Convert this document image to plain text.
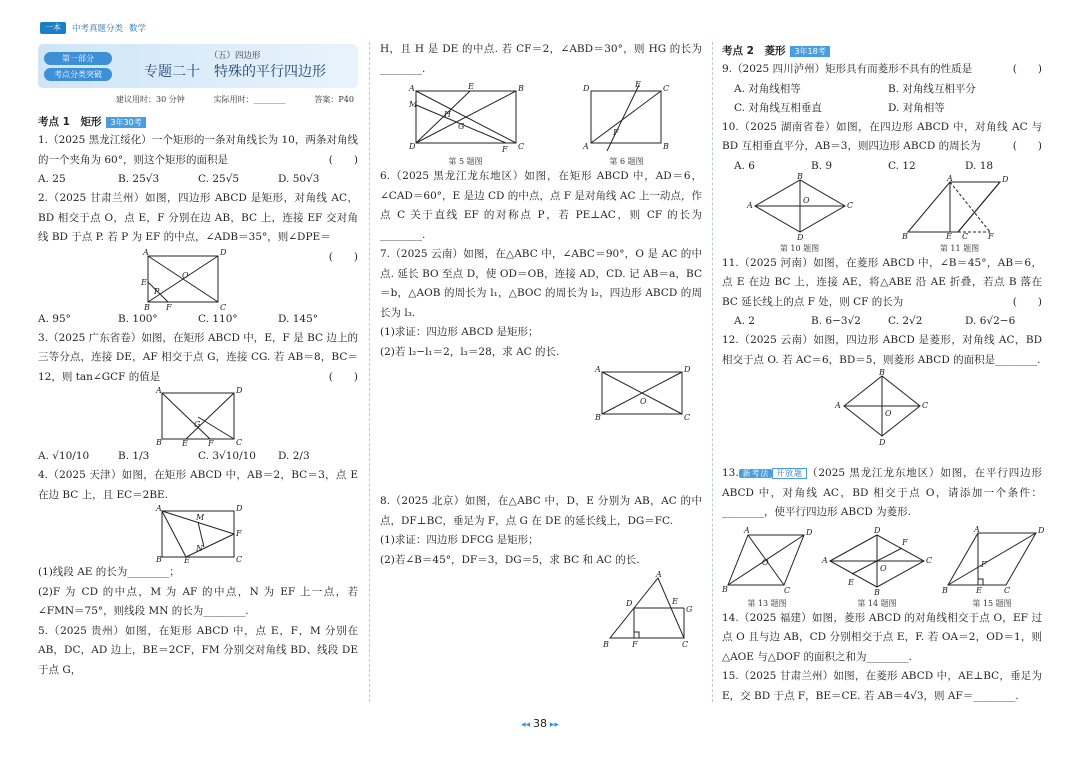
一本	中考真题分类 数学
第一部分
考点分类突破
（五）四边形
专题二十　特殊的平行四边形
建议用时：30 分钟	实际用时：________	答案：P40
考点 1　矩形	3年30考

1.（2025 黑龙江绥化）一个矩形的一条对角线长为 10，两条对角线的一个夹角为 60°，则这个矩形的面积是	(　　)

A. 25	B. 25√3	C. 25√5	D. 50√3

2.（2025 甘肃兰州）如图，四边形 ABCD 是矩形，对角线 AC，BD 相交于点 O，点 E，F 分别在边 AB，BC 上，连接 EF 交对角线 BD 于点 P. 若 P 为 EF 的中点，∠ADB＝35°，则∠DPE＝
(　　)

A	D
E
B F	C
O
P
A. 95°	B. 100°	C. 110°	D. 145°

3.（2025 广东省卷）如图，在矩形 ABCD 中，E，F 是 BC 边上的三等分点，连接 DE，AF 相交于点 G，连接 CG. 若 AB＝8，BC＝12，则 tan∠GCF 的值是	(　　)

A	D
B	E	F	C
G
A. √10/10	B. 1/3	C. 3√10/10	D. 2/3

4.（2025 天津）如图，在矩形 ABCD 中，AB＝2，BC＝3，点 E 在边 BC 上，且 EC＝2BE.

A	D
B	E	C
F
M
N

(1)线段 AE 的长为________；

(2)F 为 CD 的中点，M 为 AF 的中点，N 为 EF 上一点，若∠FMN＝75°，则线段 MN 的长为________.

5.（2025 贵州）如图，在矩形 ABCD 中，点 E，F，M 分别在 AB，DC，AD 边上，BE＝2CF，FM 分别交对角线 BD、线段 DE 于点 G，

H，且 H 是 DE 的中点. 若 CF＝2，∠ABD＝30°，则 HG 的长为________.

A	B
M
D	C
E
F
H
G
第 5 题图
D	C
A	B
F
E
第 6 题图

6.（2025 黑龙江龙东地区）如图，在矩形 ABCD 中，AD＝6，∠CAD＝60°，E 是边 CD 的中点，点 F 是对角线 AC 上一动点，作点 C 关于直线 EF 的对称点 P，若 PE⊥AC，则 CF 的长为________.

7.（2025 云南）如图，在△ABC 中，∠ABC＝90°，O 是 AC 的中点. 延长 BO 至点 D，使 OD＝OB，连接 AD，CD. 记 AB＝a，BC＝b，△AOB 的周长为 l₁，△BOC 的周长为 l₂，四边形 ABCD 的周长为 l₃.

(1)求证：四边形 ABCD 是矩形；

(2)若 l₂−l₁＝2，l₃＝28，求 AC 的长.

A	D
B	C
O

8.（2025 北京）如图，在△ABC 中，D，E 分别为 AB，AC 的中点，DF⊥BC，垂足为 F，点 G 在 DE 的延长线上，DG＝FC.

(1)求证：四边形 DFCG 是矩形；

(2)若∠B＝45°，DF＝3，DG＝5，求 BC 和 AC 的长.

A
D	E
G
B	F	C
考点 2　菱形	3年18考

9.（2025 四川泸州）矩形具有而菱形不具有的性质是	(　　)

A. 对角线相等	B. 对角线互相平分
C. 对角线互相垂直	D. 对角相等

10.（2025 湖南省卷）如图，在四边形 ABCD 中，对角线 AC 与 BD 互相垂直平分，AB＝3，则四边形 ABCD 的周长为	(　　)

A. 6	B. 9	C. 12	D. 18
A
B
C
D
O
第 10 题图
B	E C F
A	D
第 11 题图

11.（2025 河南）如图，在菱形 ABCD 中，∠B＝45°，AB＝6，点 E 在边 BC 上，连接 AE，将△ABE 沿 AE 折叠，若点 B 落在 BC 延长线上的点 F 处，则 CF 的长为	(　　)

A. 2	B. 6−3√2	C. 2√2	D. 6√2−6

12.（2025 云南）如图，四边形 ABCD 是菱形，对角线 AC，BD 相交于点 O. 若 AC＝6，BD＝5，则菱形 ABCD 的面积是________.

A
B
C
D
O

13. 新考法 开放题 （2025 黑龙江龙东地区）如图，在平行四边形 ABCD 中，对角线 AC，BD 相交于点 O，请添加一个条件：________，使平行四边形 ABCD 为菱形.

B
A	D
C
O
第 13 题图
A
D
C
B
E
F
O
第 14 题图
B	E	C
A	D
F
第 15 题图

14.（2025 福建）如图，菱形 ABCD 的对角线相交于点 O，EF 过点 O 且与边 AB，CD 分别相交于点 E，F. 若 OA＝2，OD＝1，则△AOE 与△DOF 的面积之和为________.

15.（2025 甘肃兰州）如图，在菱形 ABCD 中，AE⊥BC，垂足为 E，交 BD 于点 F，BE＝CE. 若 AB＝4√3，则 AF＝________.

◂◂ 38 ▸▸
